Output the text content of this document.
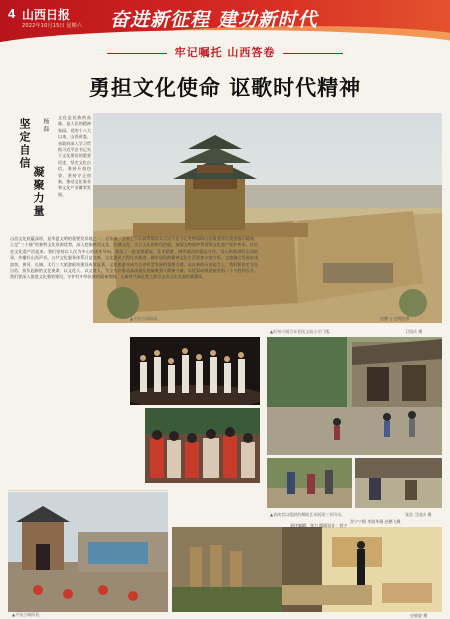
4 山西日报
2022年10月15日 星期六 奋进新征程 建功新时代
牢记嘱托 山西答卷
勇担文化使命 讴歌时代精神
▲平遥古城城墙。	赵鹏飞 史晓波摄
坚定自信
凝聚力量
杨 磊
文化是民族的血脉，是人民的精神家园。党的十八大以来，山西省委、省政府深入学习贯彻习近平总书记关于文化建设的重要论述，坚定文化自信，秉持开放包容，坚持守正创新，推动文化事业和文化产业繁荣发展。
山西文化底蕴深厚，是华夏文明的重要发祥地之一。近年来，全省上下认真贯彻落实习近平总书记考察调研山西重要讲话重要指示精神，立足“三个地”的独特文化资源优势，深入挖掘黄河文化、长城文化、太行文化的时代价值，加强文物保护利用和文化遗产保护传承，让历史文化遗产活起来。我们坚持以人民为中心的创作导向，推出了一批思想精深、艺术精湛、制作精良的精品力作，用心用情讲好山西故事，传播好山西声音。公共文化服务体系日益完善，文化惠民工程扎实推进，城乡居民的精神文化生活更加丰富多彩。文旅融合发展步伐加快，黄河、长城、太行三大旅游板块建设成效显著，文化旅游业成为全省转型发展的重要支撑。站在新的历史起点上，我们要坚定文化自信，担负起新的文化使命，以文化人、以文育人，为全方位推动高质量发展凝聚强大精神力量，以优异成绩迎接党的二十大胜利召开。我们要深入推进文化强省建设，守护好中华民族的精神命脉，在新时代新征程上续写山西文化发展的新篇章。
▲忻州古城百年老街文庙小学门楼。	卫国庆 摄
▲表演者以精湛的舞蹈艺术展现三晋风采。	张浩 卫国庆 摄
晋宁宁摄 李润华摄 赵鹏飞摄
▲平遥古城街景。	史晓波 摄
责任编辑：张力 版面设计：晋宁
